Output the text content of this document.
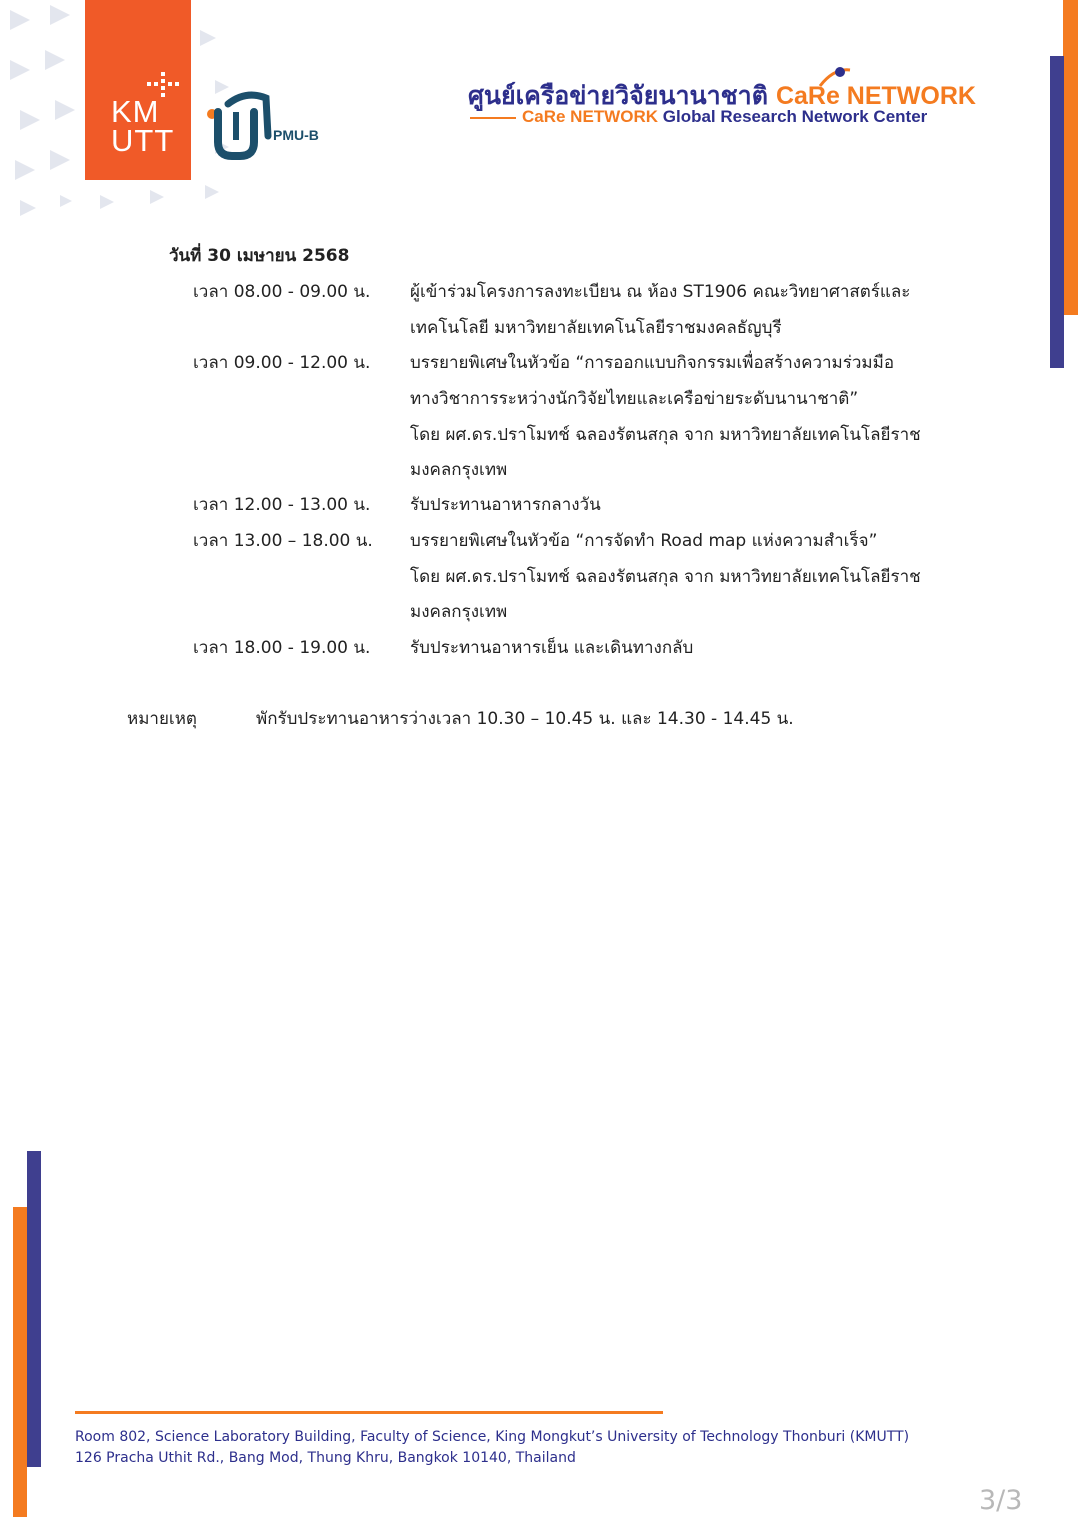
KM
UTT	PMU-B
ศูนย์เครือข่ายวิจัยนานาชาติ CaRe NETWORK
CaRe NETWORK Global Research Network Center
วันที่ 30 เมษายน 2568
เวลา 08.00 - 09.00 น. ผู้เข้าร่วมโครงการลงทะเบียน ณ ห้อง ST1906 คณะวิทยาศาสตร์และ
เทคโนโลยี มหาวิทยาลัยเทคโนโลยีราชมงคลธัญบุรี
เวลา 09.00 - 12.00 น. บรรยายพิเศษในหัวข้อ “การออกแบบกิจกรรมเพื่อสร้างความร่วมมือ
ทางวิชาการระหว่างนักวิจัยไทยและเครือข่ายระดับนานาชาติ”
โดย ผศ.ดร.ปราโมทช์ ฉลองรัตนสกุล จาก มหาวิทยาลัยเทคโนโลยีราช
มงคลกรุงเทพ
เวลา 12.00 - 13.00 น. รับประทานอาหารกลางวัน
เวลา 13.00 – 18.00 น. บรรยายพิเศษในหัวข้อ “การจัดทำ Road map แห่งความสำเร็จ”
โดย ผศ.ดร.ปราโมทช์ ฉลองรัตนสกุล จาก มหาวิทยาลัยเทคโนโลยีราช
มงคลกรุงเทพ
เวลา 18.00 - 19.00 น. รับประทานอาหารเย็น และเดินทางกลับ
หมายเหตุ	พักรับประทานอาหารว่างเวลา 10.30 – 10.45 น. และ 14.30 - 14.45 น.
Room 802, Science Laboratory Building, Faculty of Science, King Mongkut’s University of Technology Thonburi (KMUTT)
126 Pracha Uthit Rd., Bang Mod, Thung Khru, Bangkok 10140, Thailand
3/3
